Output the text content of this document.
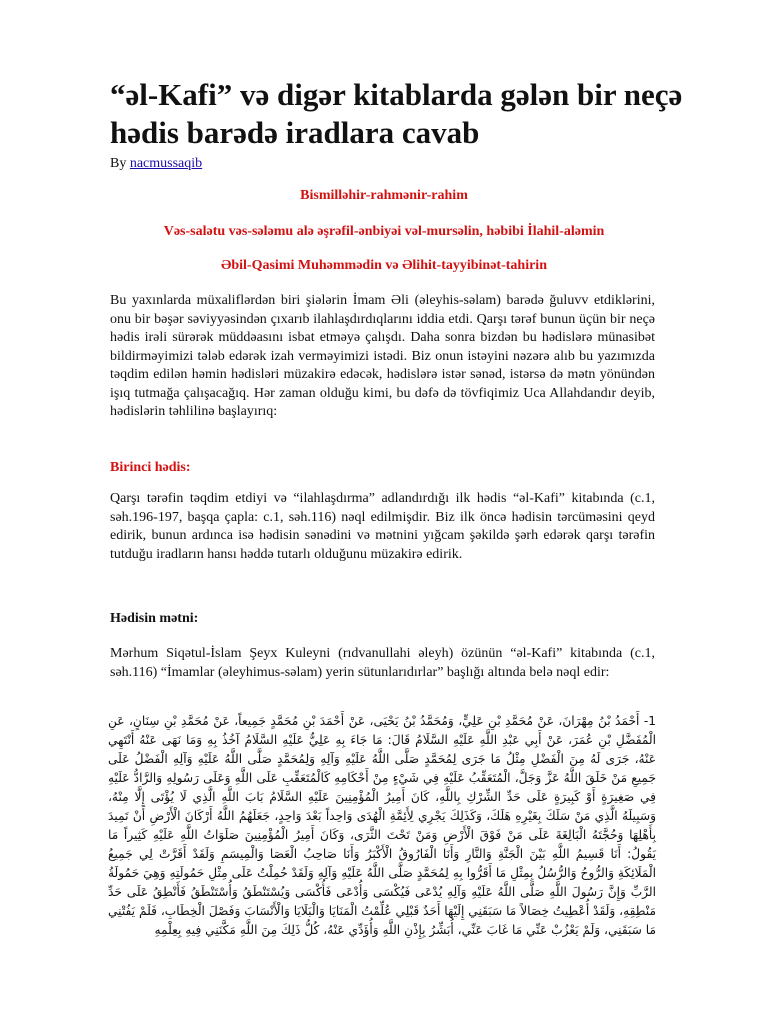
“əl-Kafi” və digər kitablarda gələn bir neçə hədis barədə iradlara cavab
By nacmussaqib
Bismillәhir-rahmәnir-rahim
Vәs-salәtu vәs-sәlәmu alә әşrәfil-әnbiyәi vәl-mursәlin, hәbibi İlahil-alәmin
Әbil-Qasimi Muhәmmәdin vә Әlihit-tayyibinәt-tahirin

Bu yaxınlarda müxaliflәrdәn biri şiәlәrin İmam Әli (әleyhis-sәlam) barәdә ğuluvv etdiklәrini, onu bir bәşәr sәviyyәsindәn çıxarıb ilahlaşdırdıqlarını iddia etdi. Qarşı tәrәf bunun üçün bir neçә hәdis irәli sürәrәk müddәasını isbat etmәyә çalışdı. Daha sonra bizdәn bu hәdislәrә münasibәt bildirmәyimizi tәlәb edәrәk izah vermәyimizi istәdi. Biz onun istәyini nәzәrә alıb bu yazımızda tәqdim edilәn hәmin hәdislәri müzakirә edәcәk, hәdislәrә istәr sәnәd, istәrsә dә mәtn yönündәn işıq tutmağa çalışacağıq. Hәr zaman olduğu kimi, bu dәfә dә tövfiqimiz Uca Allahdandır deyib, hәdislәrin tәhlilinә başlayırıq:

Birinci hәdis:

Qarşı tәrәfin tәqdim etdiyi vә “ilahlaşdırma” adlandırdığı ilk hәdis “әl-Kafi” kitabında (c.1, sәh.196-197, başqa çapla: c.1, sәh.116) nәql edilmişdir. Biz ilk öncә hәdisin tәrcümәsini qeyd edirik, bunun ardınca isә hәdisin sәnәdini vә mәtnini yığcam şәkildә şәrh edәrәk qarşı tәrәfin tutduğu iradların hansı hәddә tutarlı olduğunu müzakirә edirik.

Hәdisin mәtni:

Mәrhum Siqәtul-İslam Şeyx Kuleyni (rıdvanullahi әleyh) özünün “әl-Kafi” kitabında (c.1, sәh.116) “İmamlar (әleyhimus-sәlam) yerin sütunlarıdırlar” başlığı altında belә nәql edir:

1- أَحْمَدُ بْنُ مِهْرَانَ، عَنْ مُحَمَّدِ بْنِ عَلِيٍّ، وَمُحَمَّدُ بْنُ يَحْيَى، عَنْ أَحْمَدَ بْنِ مُحَمَّدٍ جَمِيعاً، عَنْ مُحَمَّدِ بْنِ سِنَانٍ، عَنِ الْمُفَضَّلِ بْنِ عُمَرَ، عَنْ أَبِي عَبْدِ اللَّهِ عَلَيْهِ السَّلَامُ قَالَ: مَا جَاءَ بِهِ عَلِيٌّ عَلَيْهِ السَّلَامُ آخُذُ بِهِ وَمَا نَهَى عَنْهُ أَنْتَهِي عَنْهُ، جَرَى لَهُ مِنَ الْفَضْلِ مِثْلُ مَا جَرَى لِمُحَمَّدٍ صَلَّى اللَّهُ عَلَيْهِ وَآلِهِ وَلِمُحَمَّدٍ صَلَّى اللَّهُ عَلَيْهِ وَآلِهِ الْفَضْلُ عَلَى جَمِيعِ مَنْ خَلَقَ اللَّهُ عَزَّ وَجَلَّ، الْمُتَعَقِّبُ عَلَيْهِ فِي شَيْءٍ مِنْ أَحْكَامِهِ كَالْمُتَعَقِّبِ عَلَى اللَّهِ وَعَلَى رَسُولِهِ وَالرَّادُّ عَلَيْهِ فِي صَغِيرَةٍ أَوْ كَبِيرَةٍ عَلَى حَدِّ الشِّرْكِ بِاللَّهِ، كَانَ أَمِيرُ الْمُؤْمِنِينَ عَلَيْهِ السَّلَامُ بَابَ اللَّهِ الَّذِي لَا يُؤْتَى إِلَّا مِنْهُ، وَسَبِيلَهُ الَّذِي مَنْ سَلَكَ بِغَيْرِهِ هَلَكَ، وَكَذَلِكَ يَجْرِي لِأَئِمَّةِ الْهُدَى وَاحِداً بَعْدَ وَاحِدٍ، جَعَلَهُمُ اللَّهُ أَرْكَانَ الْأَرْضِ أَنْ تَمِيدَ بِأَهْلِهَا وَحُجَّتَهُ الْبَالِغَةَ عَلَى مَنْ فَوْقَ الْأَرْضِ وَمَنْ تَحْتَ الثَّرَى، وَكَانَ أَمِيرُ الْمُؤْمِنِينَ صَلَوَاتُ اللَّهِ عَلَيْهِ كَثِيراً مَا يَقُولُ: أَنَا قَسِيمُ اللَّهِ بَيْنَ الْجَنَّةِ وَالنَّارِ وَأَنَا الْفَارُوقُ الْأَكْبَرُ وَأَنَا صَاحِبُ الْعَصَا وَالْمِيسَمِ وَلَقَدْ أَقَرَّتْ لِي جَمِيعُ الْمَلَائِكَةِ وَالرُّوحُ وَالرُّسُلُ بِمِثْلِ مَا أَقَرُّوا بِهِ لِمُحَمَّدٍ صَلَّى اللَّهُ عَلَيْهِ وَآلِهِ وَلَقَدْ حُمِلْتُ عَلَى مِثْلِ حَمُولَتِهِ وَهِيَ حَمُولَةُ الرَّبِّ وَإِنَّ رَسُولَ اللَّهِ صَلَّى اللَّهُ عَلَيْهِ وَآلِهِ يُدْعَى فَيُكْسَى وَأُدْعَى فَأُكْسَى وَيُسْتَنْطَقُ وَأُسْتَنْطَقُ فَأَنْطِقُ عَلَى حَدِّ مَنْطِقِهِ، وَلَقَدْ أُعْطِيتُ خِصَالاً مَا سَبَقَنِي إِلَيْهَا أَحَدٌ قَبْلِي عُلِّمْتُ الْمَنَايَا وَالْبَلَايَا وَالْأَنْسَابَ وَفَصْلَ الْخِطَابِ، فَلَمْ يَفُتْنِي مَا سَبَقَنِي، وَلَمْ يَعْزُبْ عَنِّي مَا غَابَ عَنِّي، أُبَشِّرُ بِإِذْنِ اللَّهِ وَأُؤَدِّي عَنْهُ، كُلُّ ذَلِكَ مِنَ اللَّهِ مَكَّنَنِي فِيهِ بِعِلْمِهِ
